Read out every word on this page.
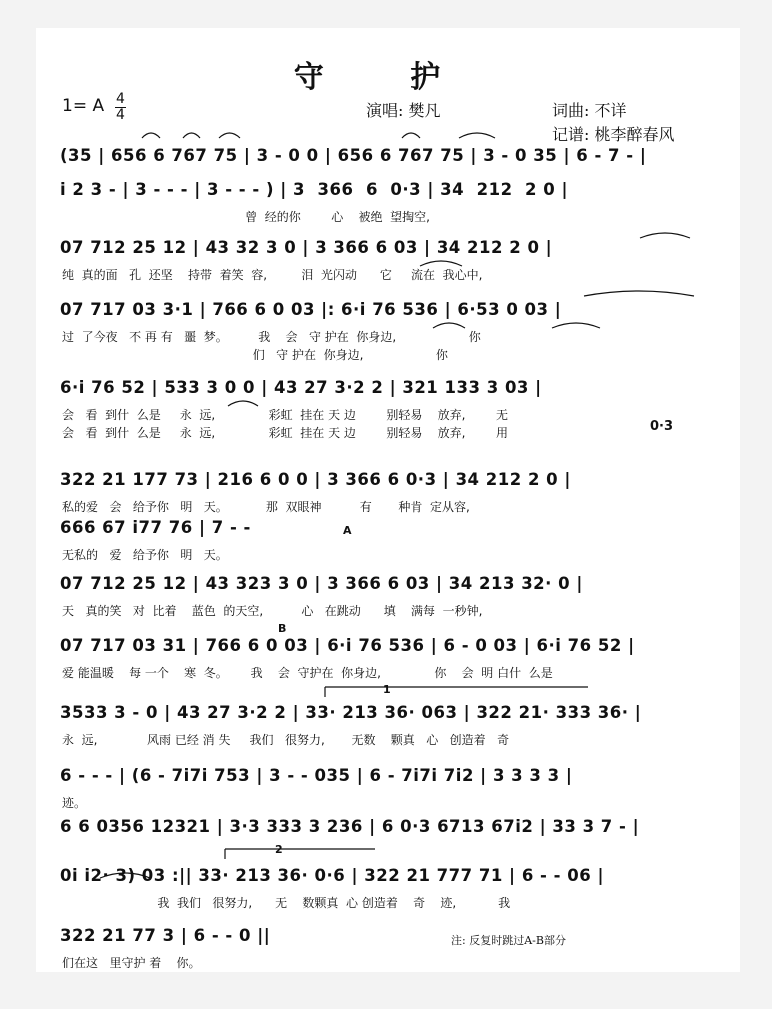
守 护
1= A 4
4	演唱: 樊凡	词曲: 不详
记谱: 桃李醉春风
(35 | 656 6 767 75 | 3 - 0 0 | 656 6 767 75 | 3 - 0 35 | 6 - 7 - |
i 2 3 - | 3 - - - | 3 - - - ) | 3  366  6  0·3 | 34  212  2 0 |
曾  经的你        心    被绝  望掏空,
07 712 25 12 | 43 32 3 0 | 3 366 6 03 | 34 212 2 0 |
纯  真的面   孔  还坚    持带  着笑  容,         泪  光闪动      它     流在  我心中,
07 717 03 3·1 | 766 6 0 03 |: 6·i 76 536 | 6·53 0 03 |
过  了今夜   不 再 有   噩  梦。        我    会   守 护在  你身边,                   你
们   守 护在  你身边,                   你
6·i 76 52 | 533 3 0 0 | 43 27 3·2 2 | 321 133 3 03 |
会   看  到什  么是     永  远,              彩虹  挂在 天 边        别轻易    放弃,        无
会   看  到什  么是     永  远,              彩虹  挂在 天 边        别轻易    放弃,        用
322 21 177 73 | 216 6 0 0 | 3 366 6 0·3 | 34 212 2 0 |
私的爱   会   给予你   明   天。          那  双眼神          有       种肯  定从容,
666 67 i77 76 | 7 - -
无私的   爱   给予你   明   天。
07 712 25 12 | 43 323 3 0 | 3 366 6 03 | 34 213 32· 0 |
天   真的笑   对  比着    蓝色  的天空,          心   在跳动      填    满每  一秒钟,
07 717 03 31 | 766 6 0 03 | 6·i 76 536 | 6 - 0 03 | 6·i 76 52 |
爱 能温暖    每 一个    寒  冬。      我    会  守护在  你身边,              你    会  明 白什  么是
3533 3 - 0 | 43 27 3·2 2 | 33· 213 36· 063 | 322 21· 333 36· |
永  远,             风雨 已经 消 失     我们   很努力,       无数    颗真   心   创造着   奇
6 - - - | (6 - 7i7i 753 | 3 - - 035 | 6 - 7i7i 7i2 | 3 3 3 3 |
迹。
6 6 0356 12321 | 3·3 333 3 236 | 6 0·3 6713 67i2 | 33 3 7 - |
0i i2· 3) 03 :|| 33· 213 36· 0·6 | 322 21 777 71 | 6 - - 06 |
我  我们   很努力,      无    数颗真  心 创造着    奇    迹,           我
322 21 77 3 | 6 - - 0 ||
们在这   里守护 着    你。
A
B
1
2
0·3
注: 反复时跳过A-B部分
